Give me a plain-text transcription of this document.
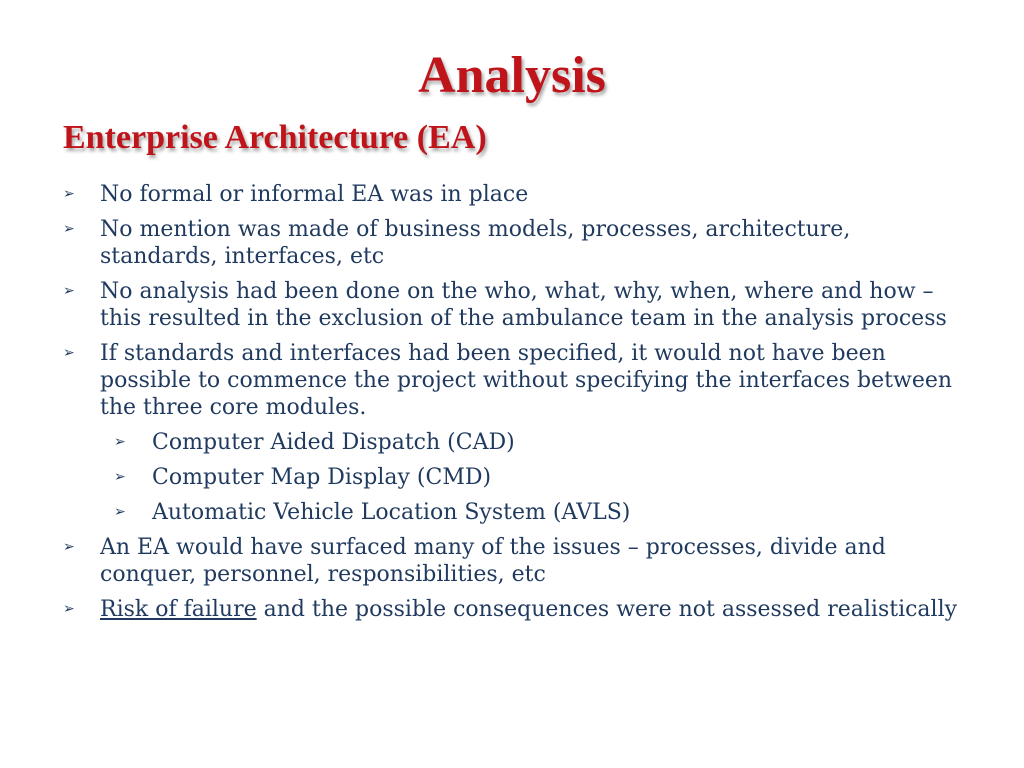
Analysis
Enterprise Architecture (EA)
➢ No formal or informal EA was in place
➢ No mention was made of business models, processes, architecture, standards, interfaces, etc
➢ No analysis had been done on the who, what, why, when, where and how – this resulted in the exclusion of the ambulance team in the analysis process
➢ If standards and interfaces had been specified, it would not have been possible to commence the project without specifying the interfaces between the three core modules.
➢ Computer Aided Dispatch (CAD)
➢ Computer Map Display (CMD)
➢ Automatic Vehicle Location System (AVLS)
➢ An EA would have surfaced many of the issues – processes, divide and conquer, personnel, responsibilities, etc
➢ Risk of failure and the possible consequences were not assessed realistically
